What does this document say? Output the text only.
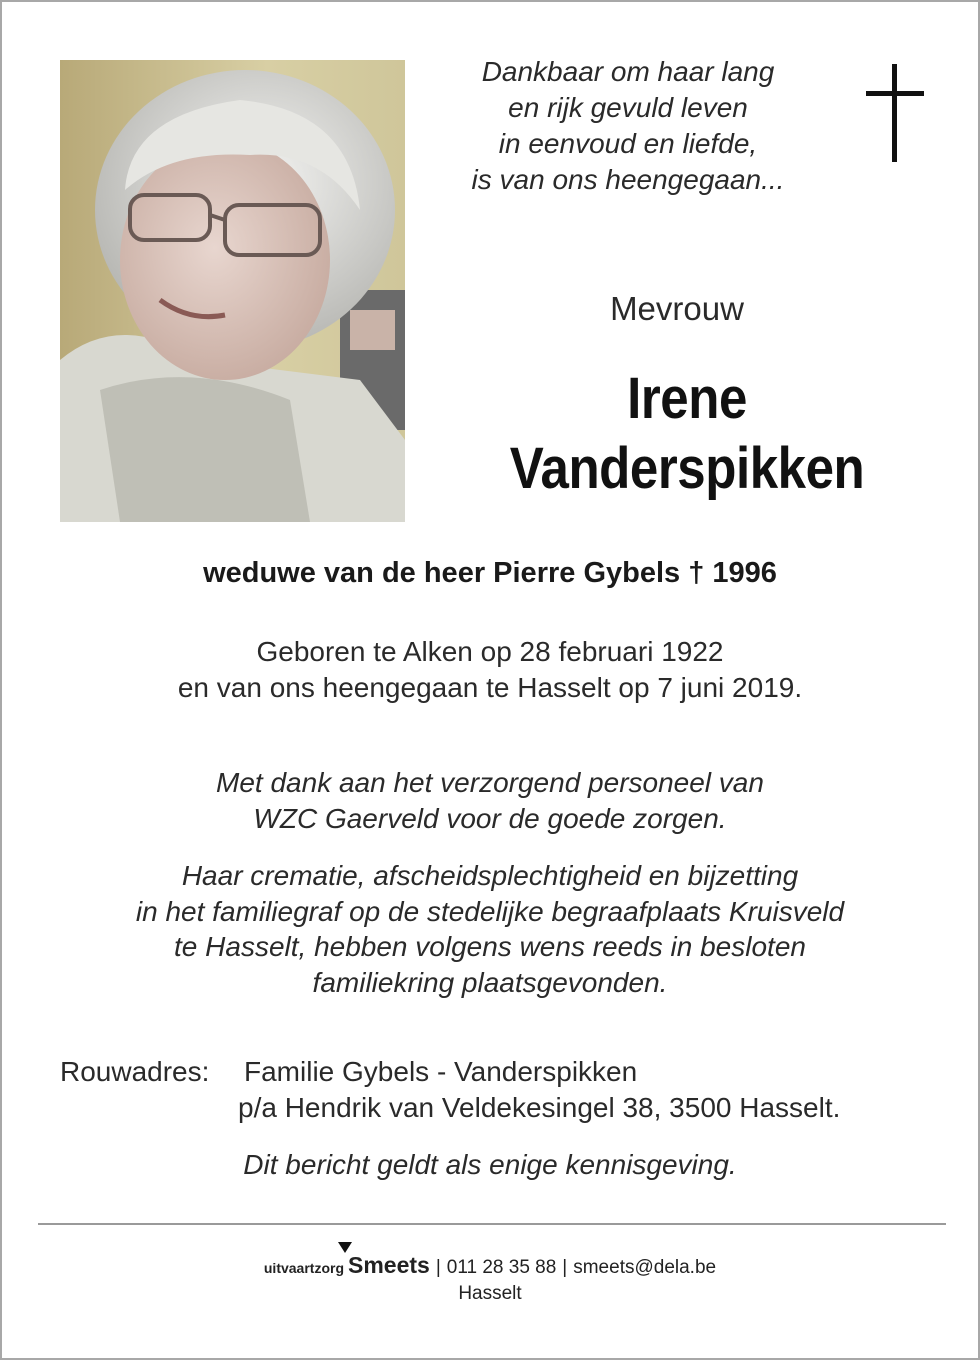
Dankbaar om haar lang
en rijk gevuld leven
in eenvoud en liefde,
is van ons heengegaan...
Mevrouw
Irene
Vanderspikken
weduwe van de heer Pierre Gybels † 1996
Geboren te Alken op 28 februari 1922
en van ons heengegaan te Hasselt op 7 juni 2019.
Met dank aan het verzorgend personeel van
WZC Gaerveld voor de goede zorgen.
Haar crematie, afscheidsplechtigheid en bijzetting
in het familiegraf op de stedelijke begraafplaats Kruisveld
te Hasselt, hebben volgens wens reeds in besloten
familiekring plaatsgevonden.
Rouwadres: Familie Gybels - Vanderspikken
p/a Hendrik van Veldekesingel 38, 3500 Hasselt.
Dit bericht geldt als enige kennisgeving.
uitvaartzorg Smeets | 011 28 35 88 | smeets@dela.be
Hasselt
